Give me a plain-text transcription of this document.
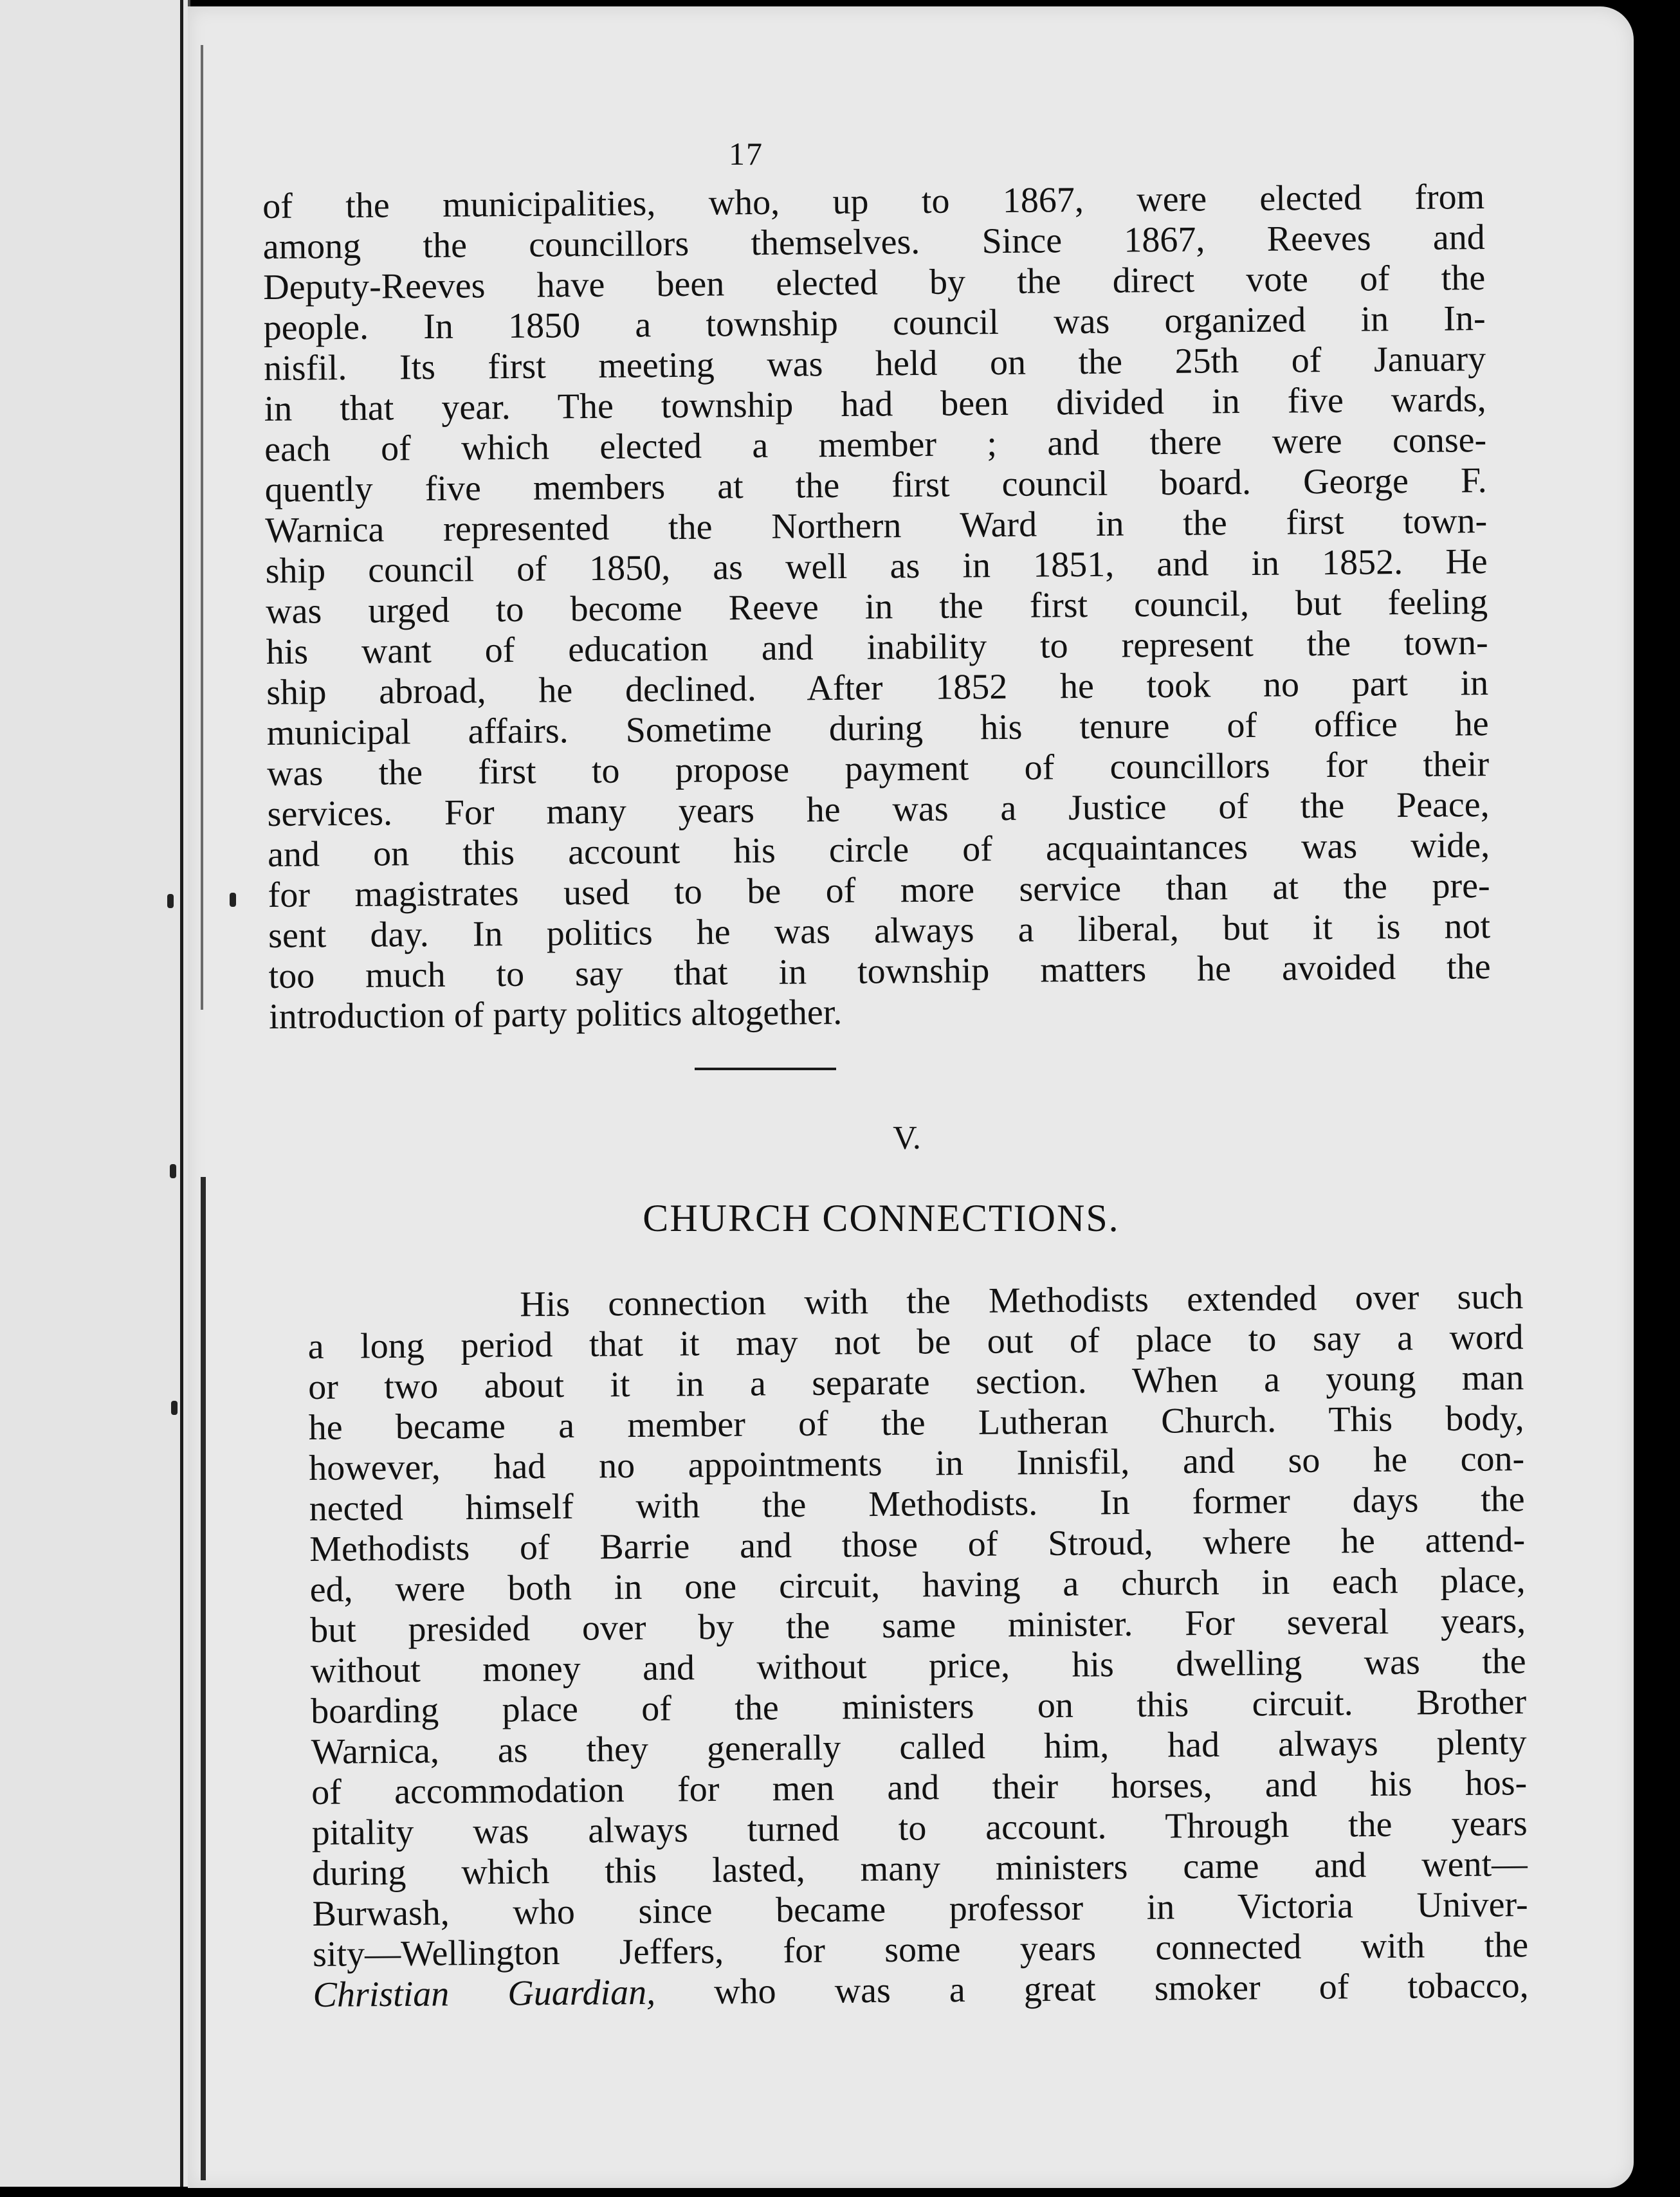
17
of the municipalities, who, up to 1867, were elected from
among the councillors themselves. Since 1867, Reeves and
Deputy-Reeves have been elected by the direct vote of the
people. In 1850 a township council was organized in In-
nisfil. Its first meeting was held on the 25th of January
in that year. The township had been divided in five wards,
each of which elected a member ; and there were conse-
quently five members at the first council board. George F.
Warnica represented the Northern Ward in the first town-
ship council of 1850, as well as in 1851, and in 1852. He
was urged to become Reeve in the first council, but feeling
his want of education and inability to represent the town-
ship abroad, he declined. After 1852 he took no part in
municipal affairs. Sometime during his tenure of office he
was the first to propose payment of councillors for their
services. For many years he was a Justice of the Peace,
and on this account his circle of acquaintances was wide,
for magistrates used to be of more service than at the pre-
sent day. In politics he was always a liberal, but it is not
too much to say that in township matters he avoided the
introduction of party politics altogether.
V.
CHURCH CONNECTIONS.
His connection with the Methodists extended over such
a long period that it may not be out of place to say a word
or two about it in a separate section. When a young man
he became a member of the Lutheran Church. This body,
however, had no appointments in Innisfil, and so he con-
nected himself with the Methodists. In former days the
Methodists of Barrie and those of Stroud, where he attend-
ed, were both in one circuit, having a church in each place,
but presided over by the same minister. For several years,
without money and without price, his dwelling was the
boarding place of the ministers on this circuit. Brother
Warnica, as they generally called him, had always plenty
of accommodation for men and their horses, and his hos-
pitality was always turned to account. Through the years
during which this lasted, many ministers came and went—
Burwash, who since became professor in Victoria Univer-
sity—Wellington Jeffers, for some years connected with the
Christian Guardian, who was a great smoker of tobacco,
